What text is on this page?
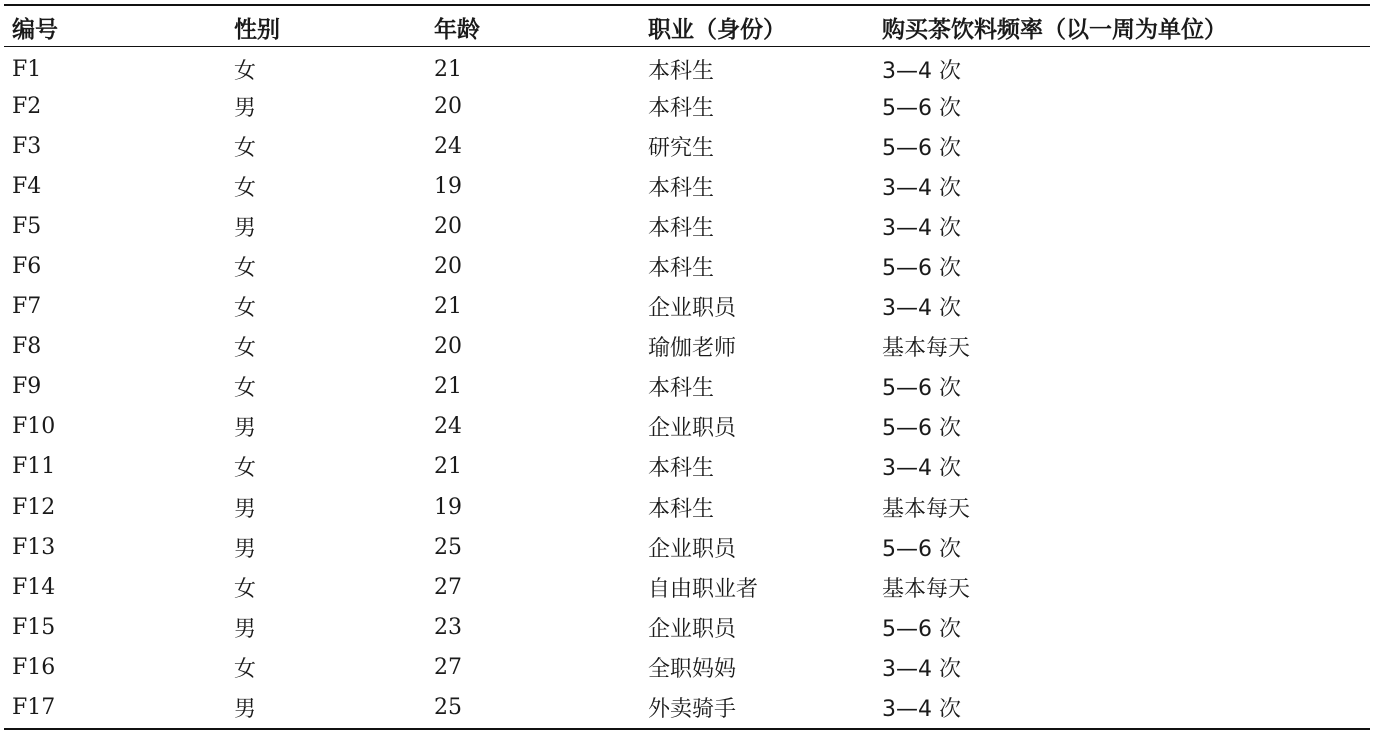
编号	性别	年龄	职业（身份）	购买茶饮料频率（以一周为单位）
F1	女	21	本科生	3—4 次
F2	男	20	本科生	5—6 次
F3	女	24	研究生	5—6 次
F4	女	19	本科生	3—4 次
F5	男	20	本科生	3—4 次
F6	女	20	本科生	5—6 次
F7	女	21	企业职员	3—4 次
F8	女	20	瑜伽老师	基本每天
F9	女	21	本科生	5—6 次
F10	男	24	企业职员	5—6 次
F11	女	21	本科生	3—4 次
F12	男	19	本科生	基本每天
F13	男	25	企业职员	5—6 次
F14	女	27	自由职业者	基本每天
F15	男	23	企业职员	5—6 次
F16	女	27	全职妈妈	3—4 次
F17	男	25	外卖骑手	3—4 次
